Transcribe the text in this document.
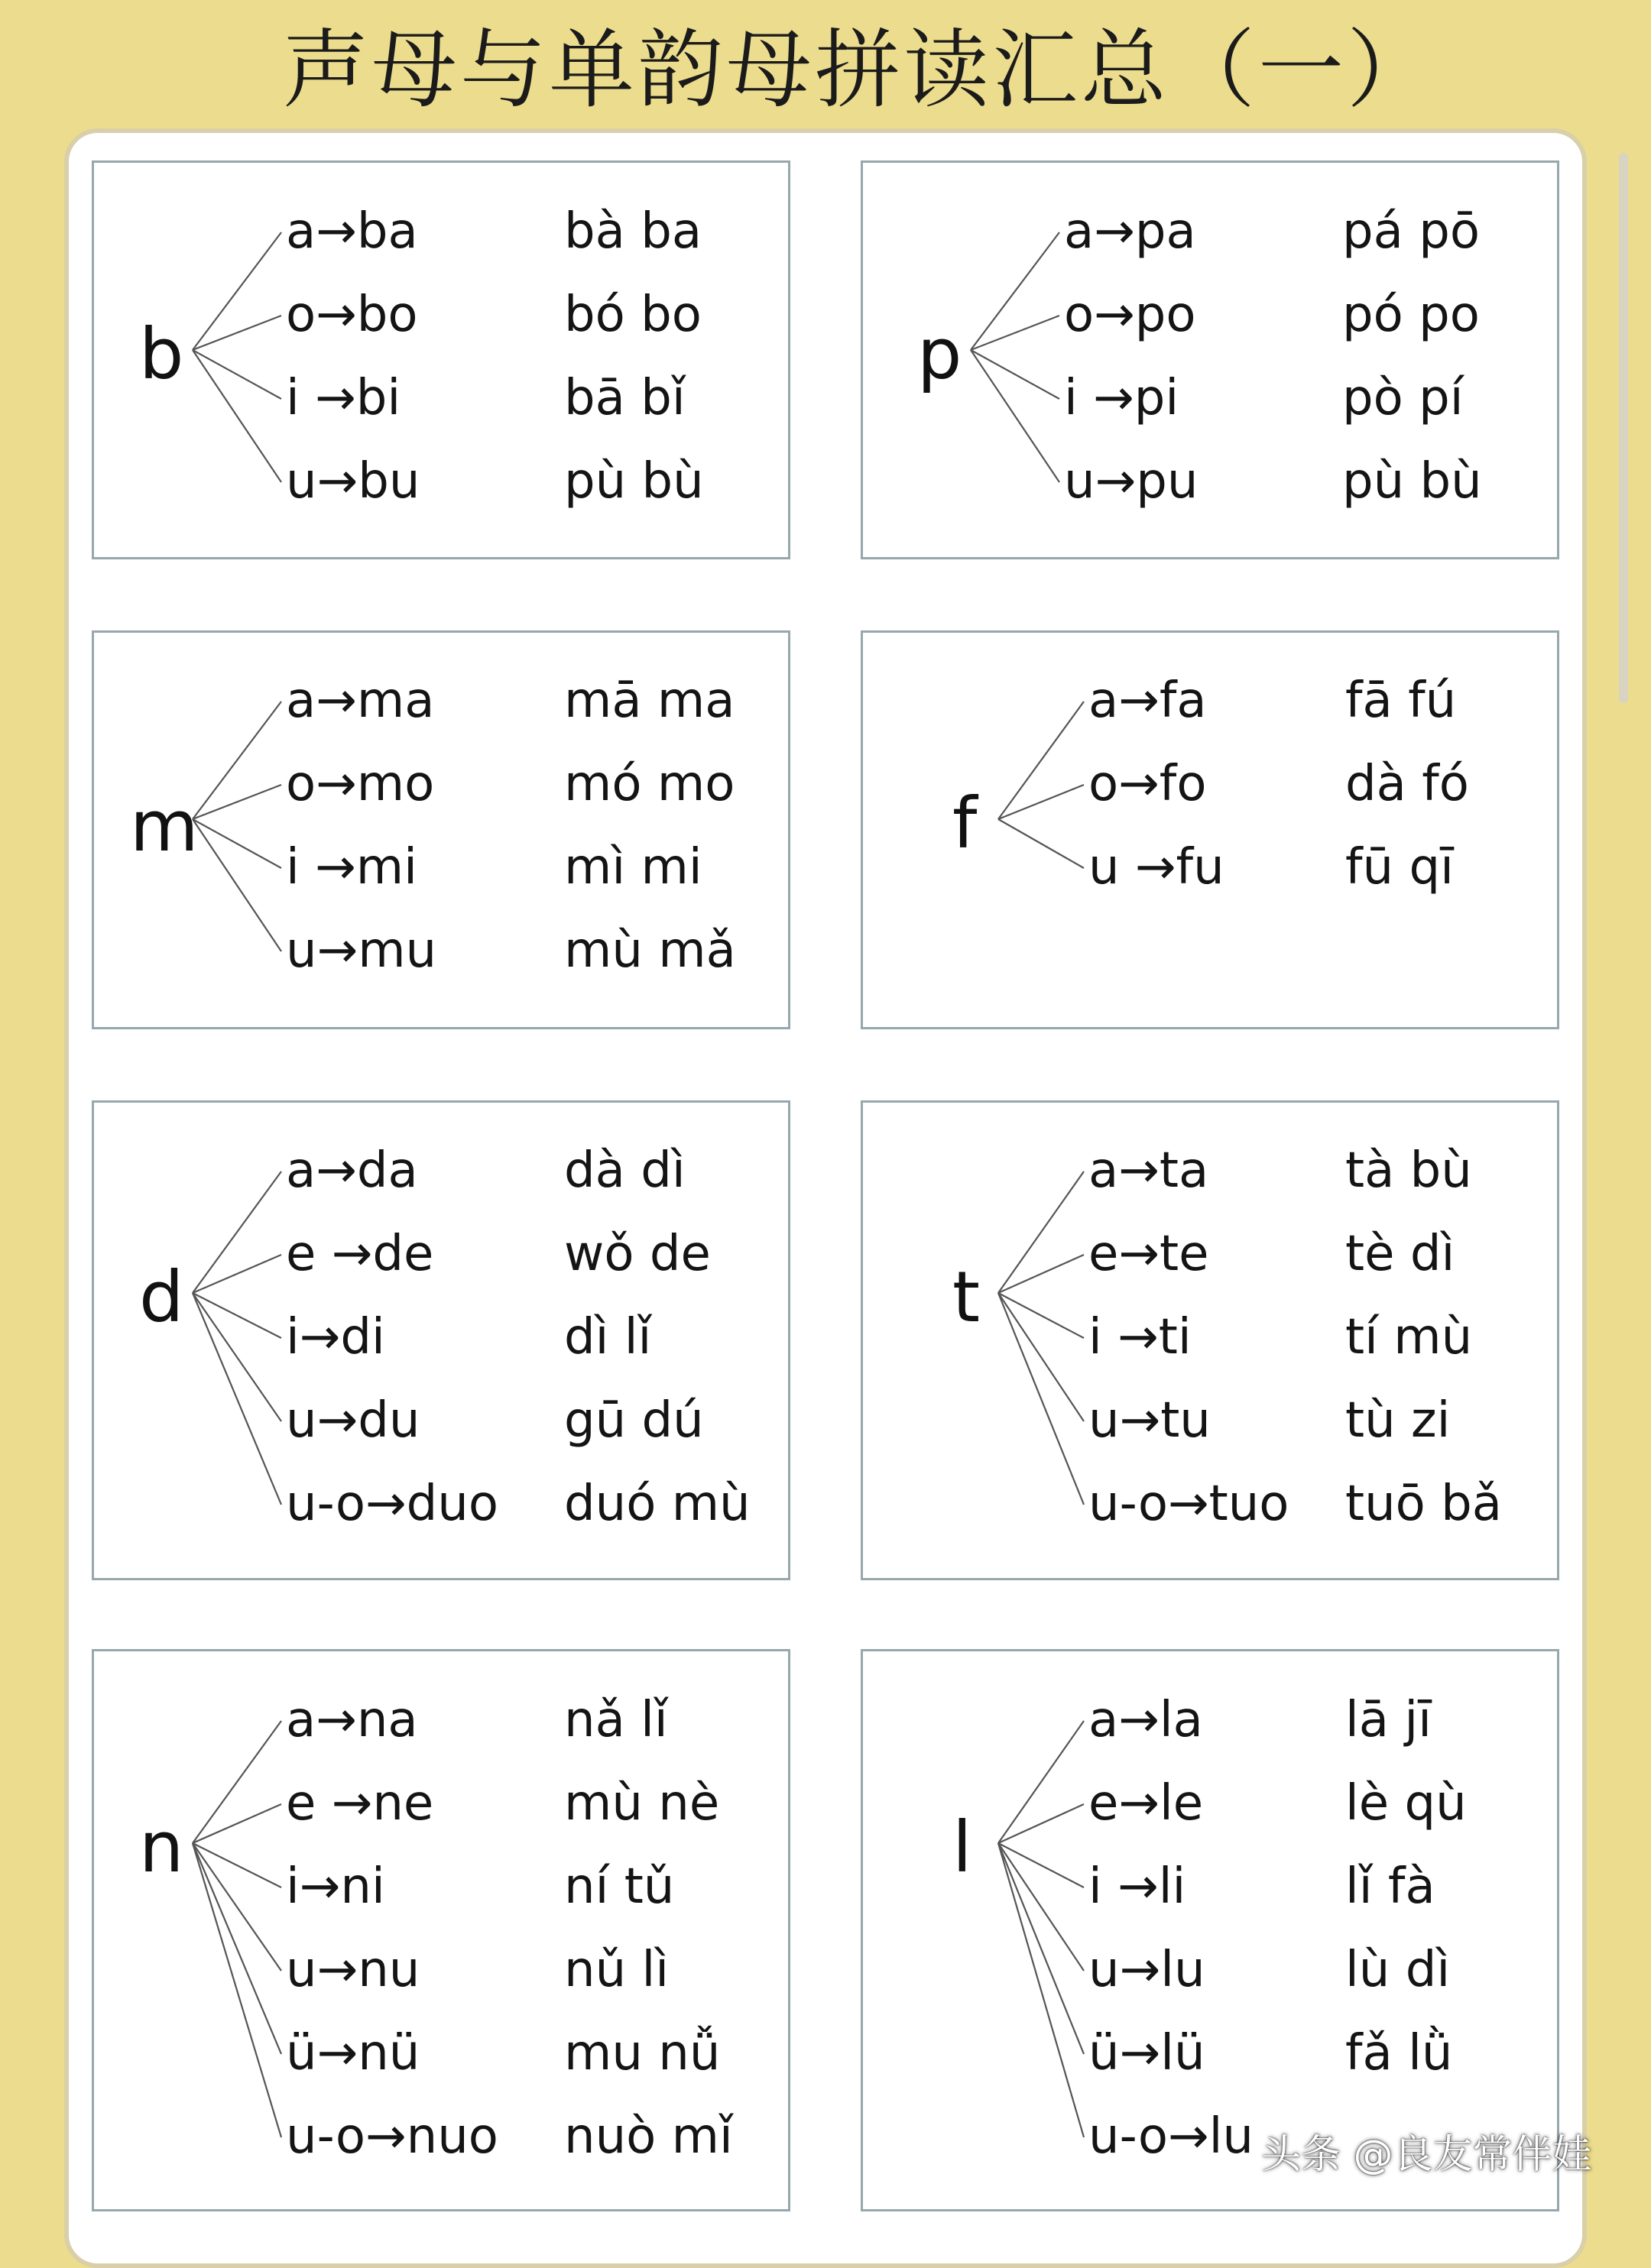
声母与单韵母拼读汇总（一）
b
a→ba
o→bo
i →bi
u→bu
bà ba
bó bo
bā bǐ
pù bù
p
a→pa
o→po
i →pi
u→pu
pá pō
pó po
pò pí
pù bù
m
a→ma
o→mo
i →mi
u→mu
mā ma
mó mo
mì mi
mù mǎ
f
a→fa
o→fo
u →fu
fā fú
dà fó
fū qī
d
a→da
e →de
i→di
u→du
u-o→duo
dà dì
wǒ de
dì lǐ
gū dú
duó mù
t
a→ta
e→te
i →ti
u→tu
u-o→tuo
tà bù
tè dì
tí mù
tù zi
tuō bǎ
n
a→na
e →ne
i→ni
u→nu
ü→nü
u-o→nuo
nǎ lǐ
mù nè
ní tǔ
nǔ lì
mu nǚ
nuò mǐ
l
a→la
e→le
i →li
u→lu
ü→lü
u-o→lu
lā jī
lè qù
lǐ fà
lù dì
fǎ lǜ
头条 @良友常伴娃
